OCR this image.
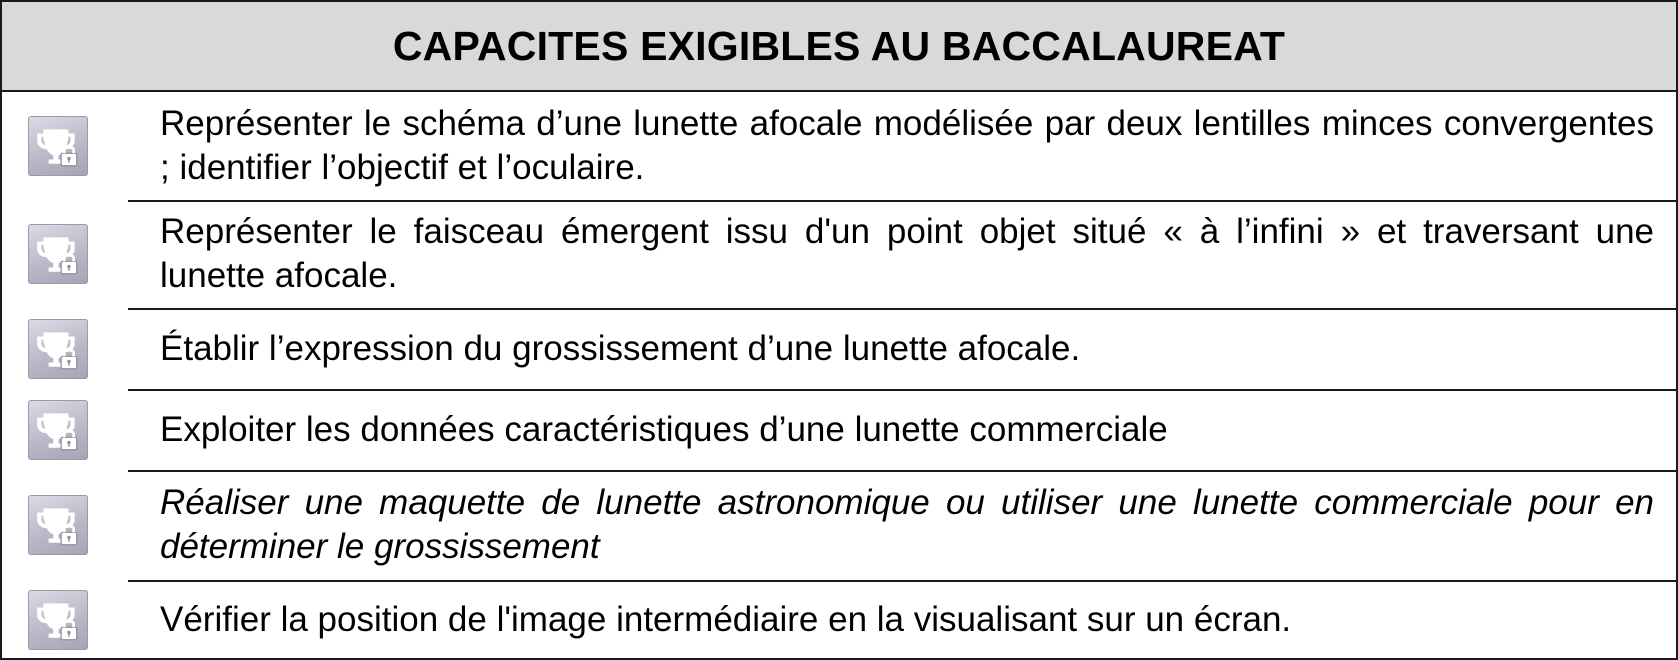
CAPACITES EXIGIBLES AU BACCALAUREAT

Représenter le schéma d’une lunette afocale modélisée par deux lentilles minces convergentes ; identifier l’objectif et l’oculaire.

Représenter le faisceau émergent issu d'un point objet situé « à l’infini » et traversant une lunette afocale.

Établir l’expression du grossissement d’une lunette afocale.

Exploiter les données caractéristiques d’une lunette commerciale

Réaliser une maquette de lunette astronomique ou utiliser une lunette commerciale pour en déterminer le grossissement

Vérifier la position de l'image intermédiaire en la visualisant sur un écran.
